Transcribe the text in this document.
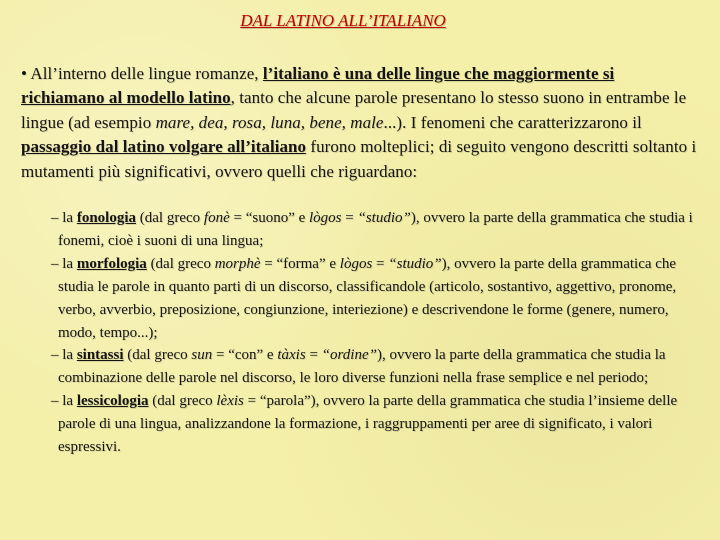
DAL LATINO ALL’ITALIANO
• All’interno delle lingue romanze, l’italiano è una delle lingue che maggiormente si richiamano al modello latino, tanto che alcune parole presentano lo stesso suono in entrambe le lingue (ad esempio mare, dea, rosa, luna, bene, male...). I fenomeni che caratterizzarono il passaggio dal latino volgare all’italiano furono molteplici; di seguito vengono descritti soltanto i mutamenti più significativi, ovvero quelli che riguardano:
– la fonologia (dal greco fonè = “suono” e lògos = “studio”), ovvero la parte della grammatica che studia i fonemi, cioè i suoni di una lingua;
– la morfologia (dal greco morphè = “forma” e lògos = “studio”), ovvero la parte della grammatica che studia le parole in quanto parti di un discorso, classificandole (articolo, sostantivo, aggettivo, pronome, verbo, avverbio, preposizione, congiunzione, interiezione) e descrivendone le forme (genere, numero, modo, tempo...);
– la sintassi (dal greco sun = “con” e tàxis = “ordine”), ovvero la parte della grammatica che studia la combinazione delle parole nel discorso, le loro diverse funzioni nella frase semplice e nel periodo;
– la lessicologia (dal greco lèxis = “parola”), ovvero la parte della grammatica che studia l’insieme delle parole di una lingua, analizzandone la formazione, i raggruppamenti per aree di significato, i valori espressivi.
